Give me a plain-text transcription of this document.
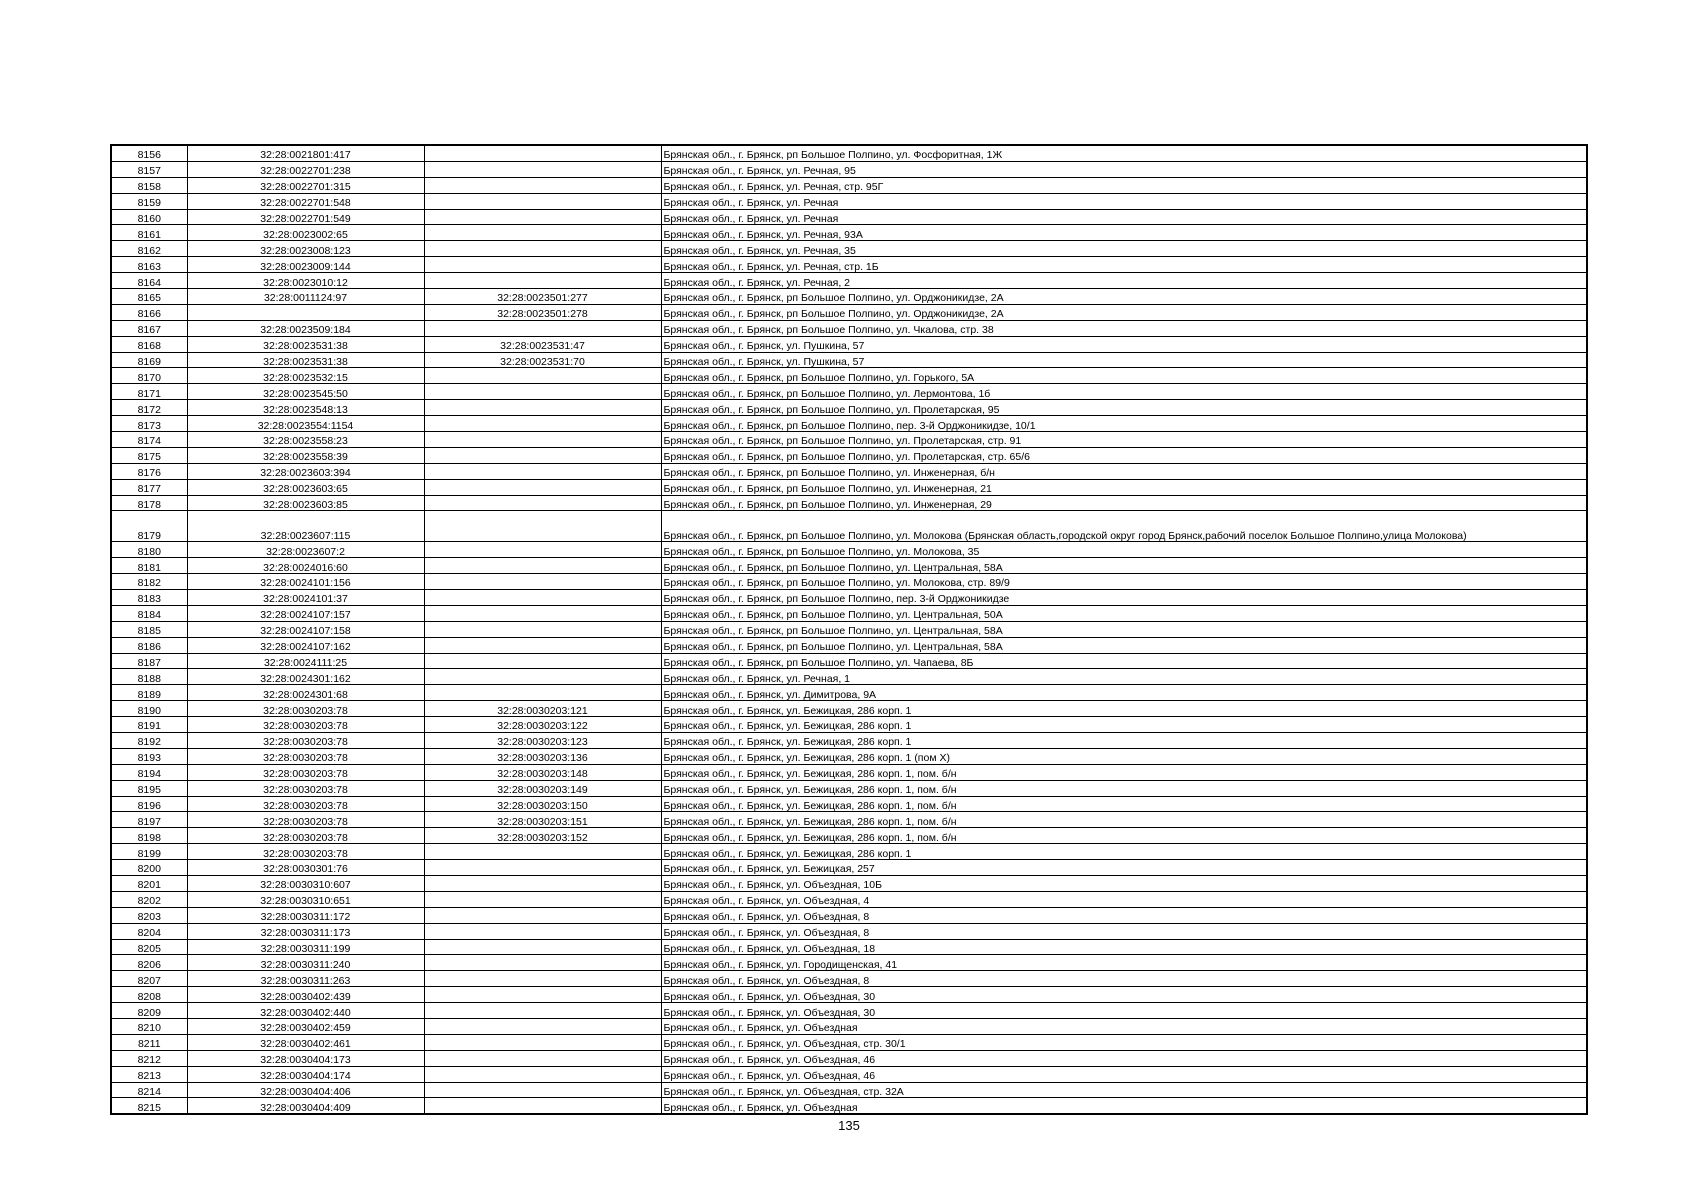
8156	32:28:0021801:417		Брянская обл., г. Брянск, рп Большое Полпино, ул. Фосфоритная, 1Ж
8157	32:28:0022701:238		Брянская обл., г. Брянск, ул. Речная, 95
8158	32:28:0022701:315		Брянская обл., г. Брянск, ул. Речная, стр. 95Г
8159	32:28:0022701:548		Брянская обл., г. Брянск, ул. Речная
8160	32:28:0022701:549		Брянская обл., г. Брянск, ул. Речная
8161	32:28:0023002:65		Брянская обл., г. Брянск, ул. Речная, 93А
8162	32:28:0023008:123		Брянская обл., г. Брянск, ул. Речная, 35
8163	32:28:0023009:144		Брянская обл., г. Брянск, ул. Речная, стр. 1Б
8164	32:28:0023010:12		Брянская обл., г. Брянск, ул. Речная, 2
8165	32:28:0011124:97	32:28:0023501:277	Брянская обл., г. Брянск, рп Большое Полпино, ул. Орджоникидзе, 2А
8166		32:28:0023501:278	Брянская обл., г. Брянск, рп Большое Полпино, ул. Орджоникидзе, 2А
8167	32:28:0023509:184		Брянская обл., г. Брянск, рп Большое Полпино, ул. Чкалова, стр. 38
8168	32:28:0023531:38	32:28:0023531:47	Брянская обл., г. Брянск, ул. Пушкина, 57
8169	32:28:0023531:38	32:28:0023531:70	Брянская обл., г. Брянск, ул. Пушкина, 57
8170	32:28:0023532:15		Брянская обл., г. Брянск, рп Большое Полпино, ул. Горького, 5А
8171	32:28:0023545:50		Брянская обл., г. Брянск, рп Большое Полпино, ул. Лермонтова, 1б
8172	32:28:0023548:13		Брянская обл., г. Брянск, рп Большое Полпино, ул. Пролетарская, 95
8173	32:28:0023554:1154		Брянская обл., г. Брянск, рп Большое Полпино, пер. 3-й Орджоникидзе, 10/1
8174	32:28:0023558:23		Брянская обл., г. Брянск, рп Большое Полпино, ул. Пролетарская, стр. 91
8175	32:28:0023558:39		Брянская обл., г. Брянск, рп Большое Полпино, ул. Пролетарская, стр. 65/6
8176	32:28:0023603:394		Брянская обл., г. Брянск, рп Большое Полпино, ул. Инженерная, б/н
8177	32:28:0023603:65		Брянская обл., г. Брянск, рп Большое Полпино, ул. Инженерная, 21
8178	32:28:0023603:85		Брянская обл., г. Брянск, рп Большое Полпино, ул. Инженерная, 29
8179	32:28:0023607:115		Брянская обл., г. Брянск, рп Большое Полпино, ул. Молокова (Брянская область,городской округ город Брянск,рабочий поселок Большое Полпино,улица Молокова)
8180	32:28:0023607:2		Брянская обл., г. Брянск, рп Большое Полпино, ул. Молокова, 35
8181	32:28:0024016:60		Брянская обл., г. Брянск, рп Большое Полпино, ул. Центральная, 58А
8182	32:28:0024101:156		Брянская обл., г. Брянск, рп Большое Полпино, ул. Молокова, стр. 89/9
8183	32:28:0024101:37		Брянская обл., г. Брянск, рп Большое Полпино, пер. 3-й Орджоникидзе
8184	32:28:0024107:157		Брянская обл., г. Брянск, рп Большое Полпино, ул. Центральная, 50А
8185	32:28:0024107:158		Брянская обл., г. Брянск, рп Большое Полпино, ул. Центральная, 58А
8186	32:28:0024107:162		Брянская обл., г. Брянск, рп Большое Полпино, ул. Центральная, 58А
8187	32:28:0024111:25		Брянская обл., г. Брянск, рп Большое Полпино, ул. Чапаева, 8Б
8188	32:28:0024301:162		Брянская обл., г. Брянск, ул. Речная, 1
8189	32:28:0024301:68		Брянская обл., г. Брянск, ул. Димитрова, 9А
8190	32:28:0030203:78	32:28:0030203:121	Брянская обл., г. Брянск, ул. Бежицкая, 286 корп. 1
8191	32:28:0030203:78	32:28:0030203:122	Брянская обл., г. Брянск, ул. Бежицкая, 286 корп. 1
8192	32:28:0030203:78	32:28:0030203:123	Брянская обл., г. Брянск, ул. Бежицкая, 286 корп. 1
8193	32:28:0030203:78	32:28:0030203:136	Брянская обл., г. Брянск, ул. Бежицкая, 286 корп. 1 (пом X)
8194	32:28:0030203:78	32:28:0030203:148	Брянская обл., г. Брянск, ул. Бежицкая, 286 корп. 1, пом. б/н
8195	32:28:0030203:78	32:28:0030203:149	Брянская обл., г. Брянск, ул. Бежицкая, 286 корп. 1, пом. б/н
8196	32:28:0030203:78	32:28:0030203:150	Брянская обл., г. Брянск, ул. Бежицкая, 286 корп. 1, пом. б/н
8197	32:28:0030203:78	32:28:0030203:151	Брянская обл., г. Брянск, ул. Бежицкая, 286 корп. 1, пом. б/н
8198	32:28:0030203:78	32:28:0030203:152	Брянская обл., г. Брянск, ул. Бежицкая, 286 корп. 1, пом. б/н
8199	32:28:0030203:78		Брянская обл., г. Брянск, ул. Бежицкая, 286 корп. 1
8200	32:28:0030301:76		Брянская обл., г. Брянск, ул. Бежицкая, 257
8201	32:28:0030310:607		Брянская обл., г. Брянск, ул. Объездная, 10Б
8202	32:28:0030310:651		Брянская обл., г. Брянск, ул. Объездная, 4
8203	32:28:0030311:172		Брянская обл., г. Брянск, ул. Объездная, 8
8204	32:28:0030311:173		Брянская обл., г. Брянск, ул. Объездная, 8
8205	32:28:0030311:199		Брянская обл., г. Брянск, ул. Объездная, 18
8206	32:28:0030311:240		Брянская обл., г. Брянск, ул. Городищенская, 41
8207	32:28:0030311:263		Брянская обл., г. Брянск, ул. Объездная, 8
8208	32:28:0030402:439		Брянская обл., г. Брянск, ул. Объездная, 30
8209	32:28:0030402:440		Брянская обл., г. Брянск, ул. Объездная, 30
8210	32:28:0030402:459		Брянская обл., г. Брянск, ул. Объездная
8211	32:28:0030402:461		Брянская обл., г. Брянск, ул. Объездная, стр. 30/1
8212	32:28:0030404:173		Брянская обл., г. Брянск, ул. Объездная, 46
8213	32:28:0030404:174		Брянская обл., г. Брянск, ул. Объездная, 46
8214	32:28:0030404:406		Брянская обл., г. Брянск, ул. Объездная, стр. 32А
8215	32:28:0030404:409		Брянская обл., г. Брянск, ул. Объездная
135
